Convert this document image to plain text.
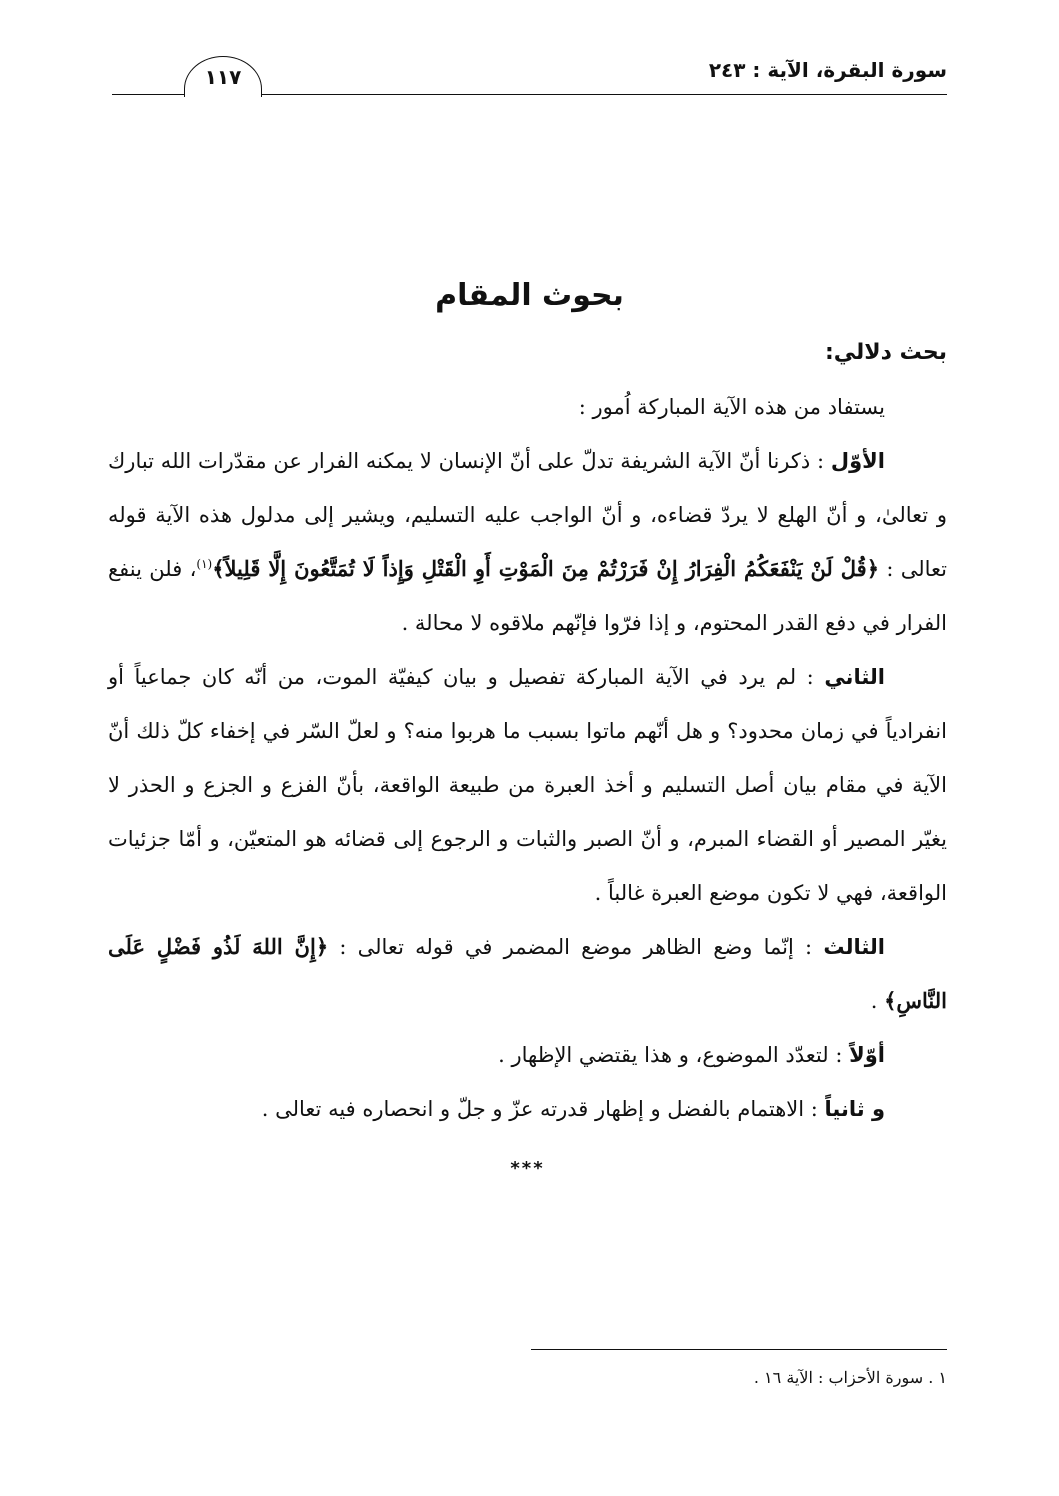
سورة البقرة، الآية : ٢٤٣
١١٧
بحوث المقام

بحث دلالي:

يستفاد من هذه الآية المباركة اُمور :

الأوّل : ذكرنا أنّ الآية الشريفة تدلّ على أنّ الإنسان لا يمكنه الفرار عن مقدّرات الله تبارك و تعالىٰ، و أنّ الهلع لا يردّ قضاءه، و أنّ الواجب عليه التسليم، ويشير إلى مدلول هذه الآية قوله تعالى : ﴿قُلْ لَنْ يَنْفَعَكُمُ الْفِرَارُ إِنْ فَرَرْتُمْ مِنَ الْمَوْتِ أَوِ الْقَتْلِ وَإِذاً لَا تُمَتَّعُونَ إِلَّا قَلِيلاً﴾$^{(١)}$، فلن ينفع الفرار في دفع القدر المحتوم، و إذا فرّوا فإنّهم ملاقوه لا محالة .

الثاني : لم يرد في الآية المباركة تفصيل و بيان كيفيّة الموت، من أنّه كان جماعياً أو انفرادياً في زمان محدود؟ و هل أنّهم ماتوا بسبب ما هربوا منه؟ و لعلّ السّر في إخفاء كلّ ذلك أنّ الآية في مقام بيان أصل التسليم و أخذ العبرة من طبيعة الواقعة، بأنّ الفزع و الجزع و الحذر لا يغيّر المصير أو القضاء المبرم، و أنّ الصبر والثبات و الرجوع إلى قضائه هو المتعيّن، و أمّا جزئيات الواقعة، فهي لا تكون موضع العبرة غالباً .

الثالث : إنّما وضع الظاهر موضع المضمر في قوله تعالى : ﴿إِنَّ اللهَ لَذُو فَضْلٍ عَلَى النَّاسِ﴾ .

أوّلاً : لتعدّد الموضوع، و هذا يقتضي الإظهار .

و ثانياً : الاهتمام بالفضل و إظهار قدرته عزّ و جلّ و انحصاره فيه تعالى .

***

١ . سورة الأحزاب : الآية ١٦ .
